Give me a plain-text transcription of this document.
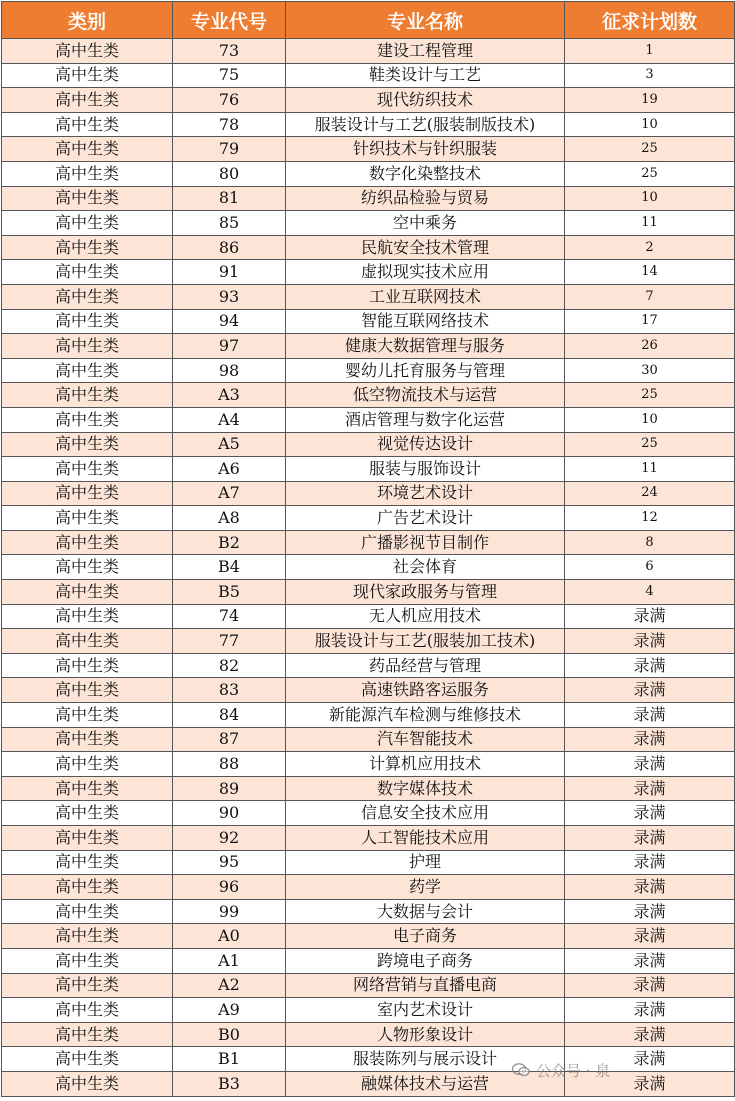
类别	专业代号	专业名称	征求计划数
高中生类	73	建设工程管理	1
高中生类	75	鞋类设计与工艺	3
高中生类	76	现代纺织技术	19
高中生类	78	服装设计与工艺(服装制版技术)	10
高中生类	79	针织技术与针织服装	25
高中生类	80	数字化染整技术	25
高中生类	81	纺织品检验与贸易	10
高中生类	85	空中乘务	11
高中生类	86	民航安全技术管理	2
高中生类	91	虚拟现实技术应用	14
高中生类	93	工业互联网技术	7
高中生类	94	智能互联网络技术	17
高中生类	97	健康大数据管理与服务	26
高中生类	98	婴幼儿托育服务与管理	30
高中生类	A3	低空物流技术与运营	25
高中生类	A4	酒店管理与数字化运营	10
高中生类	A5	视觉传达设计	25
高中生类	A6	服装与服饰设计	11
高中生类	A7	环境艺术设计	24
高中生类	A8	广告艺术设计	12
高中生类	B2	广播影视节目制作	8
高中生类	B4	社会体育	6
高中生类	B5	现代家政服务与管理	4
高中生类	74	无人机应用技术	录满
高中生类	77	服装设计与工艺(服装加工技术)	录满
高中生类	82	药品经营与管理	录满
高中生类	83	高速铁路客运服务	录满
高中生类	84	新能源汽车检测与维修技术	录满
高中生类	87	汽车智能技术	录满
高中生类	88	计算机应用技术	录满
高中生类	89	数字媒体技术	录满
高中生类	90	信息安全技术应用	录满
高中生类	92	人工智能技术应用	录满
高中生类	95	护理	录满
高中生类	96	药学	录满
高中生类	99	大数据与会计	录满
高中生类	A0	电子商务	录满
高中生类	A1	跨境电子商务	录满
高中生类	A2	网络营销与直播电商	录满
高中生类	A9	室内艺术设计	录满
高中生类	B0	人物形象设计	录满
高中生类	B1	服装陈列与展示设计	录满
高中生类	B3	融媒体技术与运营	录满
公众号 · 泉
